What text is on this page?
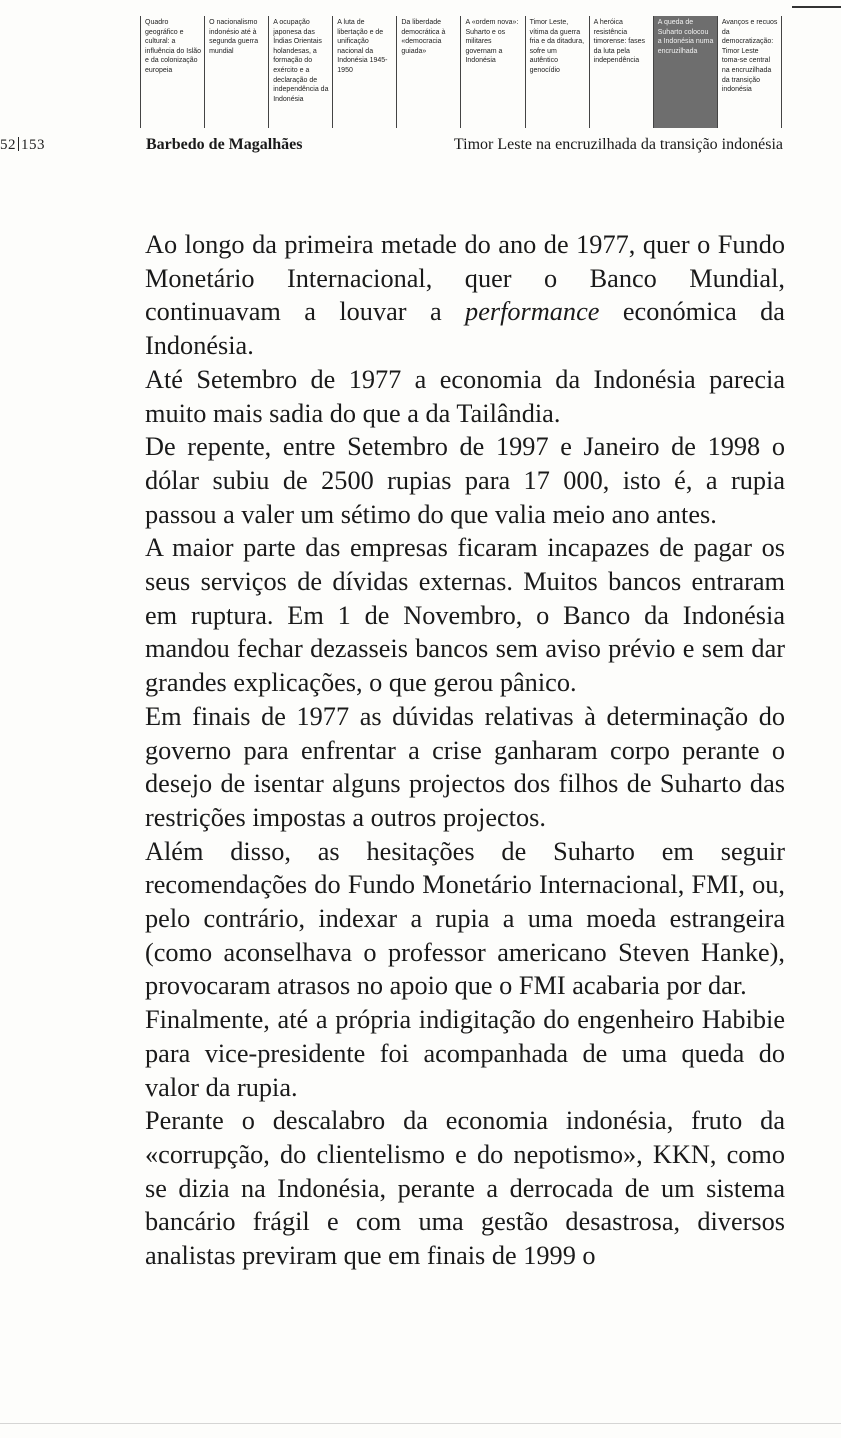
Quadro geográfico e cultural: a influência do Islão e da colonização europeia
O nacionalismo indonésio até à segunda guerra mundial
A ocupação japonesa das Índias Orientais holandesas, a formação do exército e a declaração de independência da Indonésia
A luta de libertação e de unificação nacional da Indonésia 1945-1950
Da liberdade democrática à «democracia guiada»
A «ordem nova»: Suharto e os militares governam a Indonésia
Timor Leste, vítima da guerra fria e da ditadura, sofre um autêntico genocídio
A heróica resistência timorense: fases da luta pela independência
A queda de Suharto colocou a Indonésia numa encruzilhada
Avanços e recuos da democratização: Timor Leste toma-se central na encruzilhada da transição indonésia
52 153	Barbedo de Magalhães	Timor Leste na encruzilhada da transição indonésia

Ao longo da primeira metade do ano de 1977, quer o Fundo Monetário Internacional, quer o Banco Mundial, continuavam a louvar a performance económica da Indonésia.

Até Setembro de 1977 a economia da Indonésia parecia muito mais sadia do que a da Tailândia.

De repente, entre Setembro de 1997 e Janeiro de 1998 o dólar subiu de 2500 rupias para 17 000, isto é, a rupia passou a valer um sétimo do que valia meio ano antes.

A maior parte das empresas ficaram incapazes de pagar os seus serviços de dívidas externas. Muitos bancos entraram em ruptura. Em 1 de Novembro, o Banco da Indonésia mandou fechar dezasseis bancos sem aviso prévio e sem dar grandes explicações, o que gerou pânico.

Em finais de 1977 as dúvidas relativas à determinação do governo para enfrentar a crise ganharam corpo perante o desejo de isentar alguns projectos dos filhos de Suharto das restrições impostas a outros projectos.

Além disso, as hesitações de Suharto em seguir recomendações do Fundo Monetário Internacional, FMI, ou, pelo contrário, indexar a rupia a uma moeda estrangeira (como aconselhava o professor americano Steven Hanke), provocaram atrasos no apoio que o FMI acabaria por dar.

Finalmente, até a própria indigitação do engenheiro Habibie para vice-presidente foi acompanhada de uma queda do valor da rupia.

Perante o descalabro da economia indonésia, fruto da «corrupção, do clientelismo e do nepotismo», KKN, como se dizia na Indonésia, perante a derrocada de um sistema bancário frágil e com uma gestão desastrosa, diversos analistas previram que em finais de 1999 o
